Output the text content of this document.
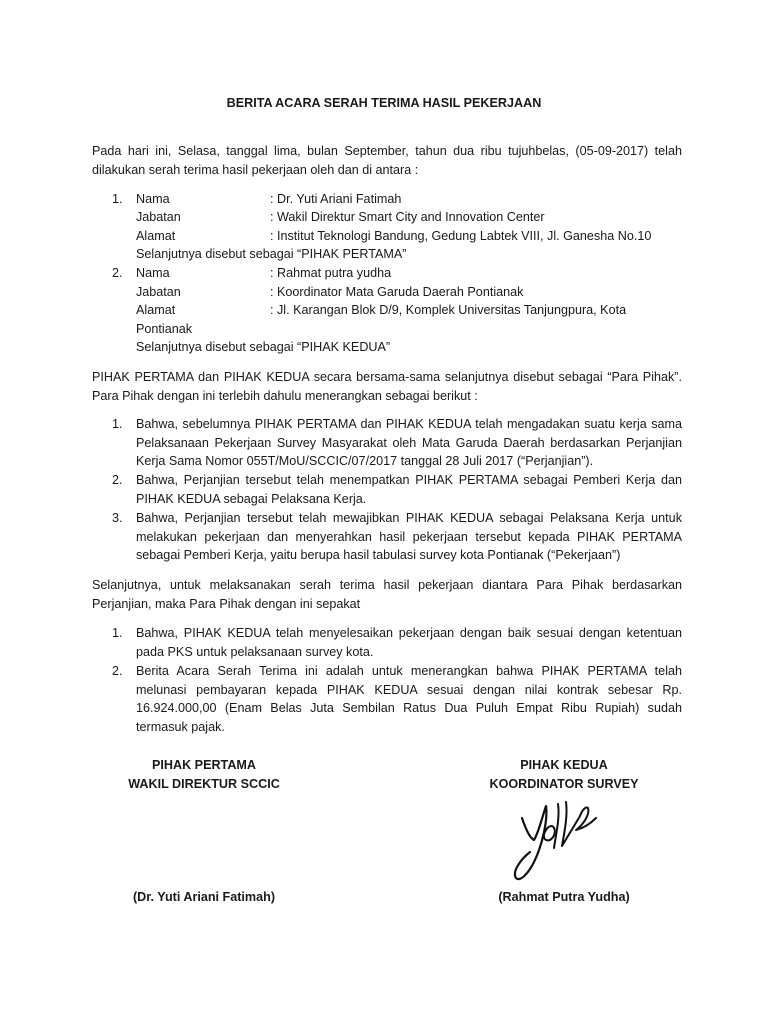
BERITA ACARA SERAH TERIMA HASIL PEKERJAAN
Pada hari ini, Selasa, tanggal lima, bulan September, tahun dua ribu tujuhbelas, (05-09-2017) telah dilakukan serah terima hasil pekerjaan oleh dan di antara :
1. Nama	: Dr. Yuti Ariani Fatimah
Jabatan	: Wakil Direktur Smart City and Innovation Center
Alamat	: Institut Teknologi Bandung, Gedung Labtek VIII, Jl. Ganesha No.10
Selanjutnya disebut sebagai “PIHAK PERTAMA”
2. Nama	: Rahmat putra yudha
Jabatan	: Koordinator Mata Garuda Daerah Pontianak
Alamat	: Jl. Karangan Blok D/9, Komplek Universitas Tanjungpura, Kota
Pontianak
Selanjutnya disebut sebagai “PIHAK KEDUA”
PIHAK PERTAMA dan PIHAK KEDUA secara bersama-sama selanjutnya disebut sebagai “Para Pihak”. Para Pihak dengan ini terlebih dahulu menerangkan sebagai berikut :
1. Bahwa, sebelumnya PIHAK PERTAMA dan PIHAK KEDUA telah mengadakan suatu kerja sama Pelaksanaan Pekerjaan Survey Masyarakat oleh Mata Garuda Daerah berdasarkan Perjanjian Kerja Sama Nomor 055T/MoU/SCCIC/07/2017 tanggal 28 Juli 2017 (“Perjanjian”).
2. Bahwa, Perjanjian tersebut telah menempatkan PIHAK PERTAMA sebagai Pemberi Kerja dan PIHAK KEDUA sebagai Pelaksana Kerja.
3. Bahwa, Perjanjian tersebut telah mewajibkan PIHAK KEDUA sebagai Pelaksana Kerja untuk melakukan pekerjaan dan menyerahkan hasil pekerjaan tersebut kepada PIHAK PERTAMA sebagai Pemberi Kerja, yaitu berupa hasil tabulasi survey kota Pontianak (“Pekerjaan”)
Selanjutnya, untuk melaksanakan serah terima hasil pekerjaan diantara Para Pihak berdasarkan Perjanjian, maka Para Pihak dengan ini sepakat
1. Bahwa, PIHAK KEDUA telah menyelesaikan pekerjaan dengan baik sesuai dengan ketentuan pada PKS untuk pelaksanaan survey kota.
2. Berita Acara Serah Terima ini adalah untuk menerangkan bahwa PIHAK PERTAMA telah melunasi pembayaran kepada PIHAK KEDUA sesuai dengan nilai kontrak sebesar Rp. 16.924.000,00 (Enam Belas Juta Sembilan Ratus Dua Puluh Empat Ribu Rupiah) sudah termasuk pajak.
PIHAK PERTAMA
WAKIL DIREKTUR SCCIC
(Dr. Yuti Ariani Fatimah)
PIHAK KEDUA
KOORDINATOR SURVEY
(Rahmat Putra Yudha)
